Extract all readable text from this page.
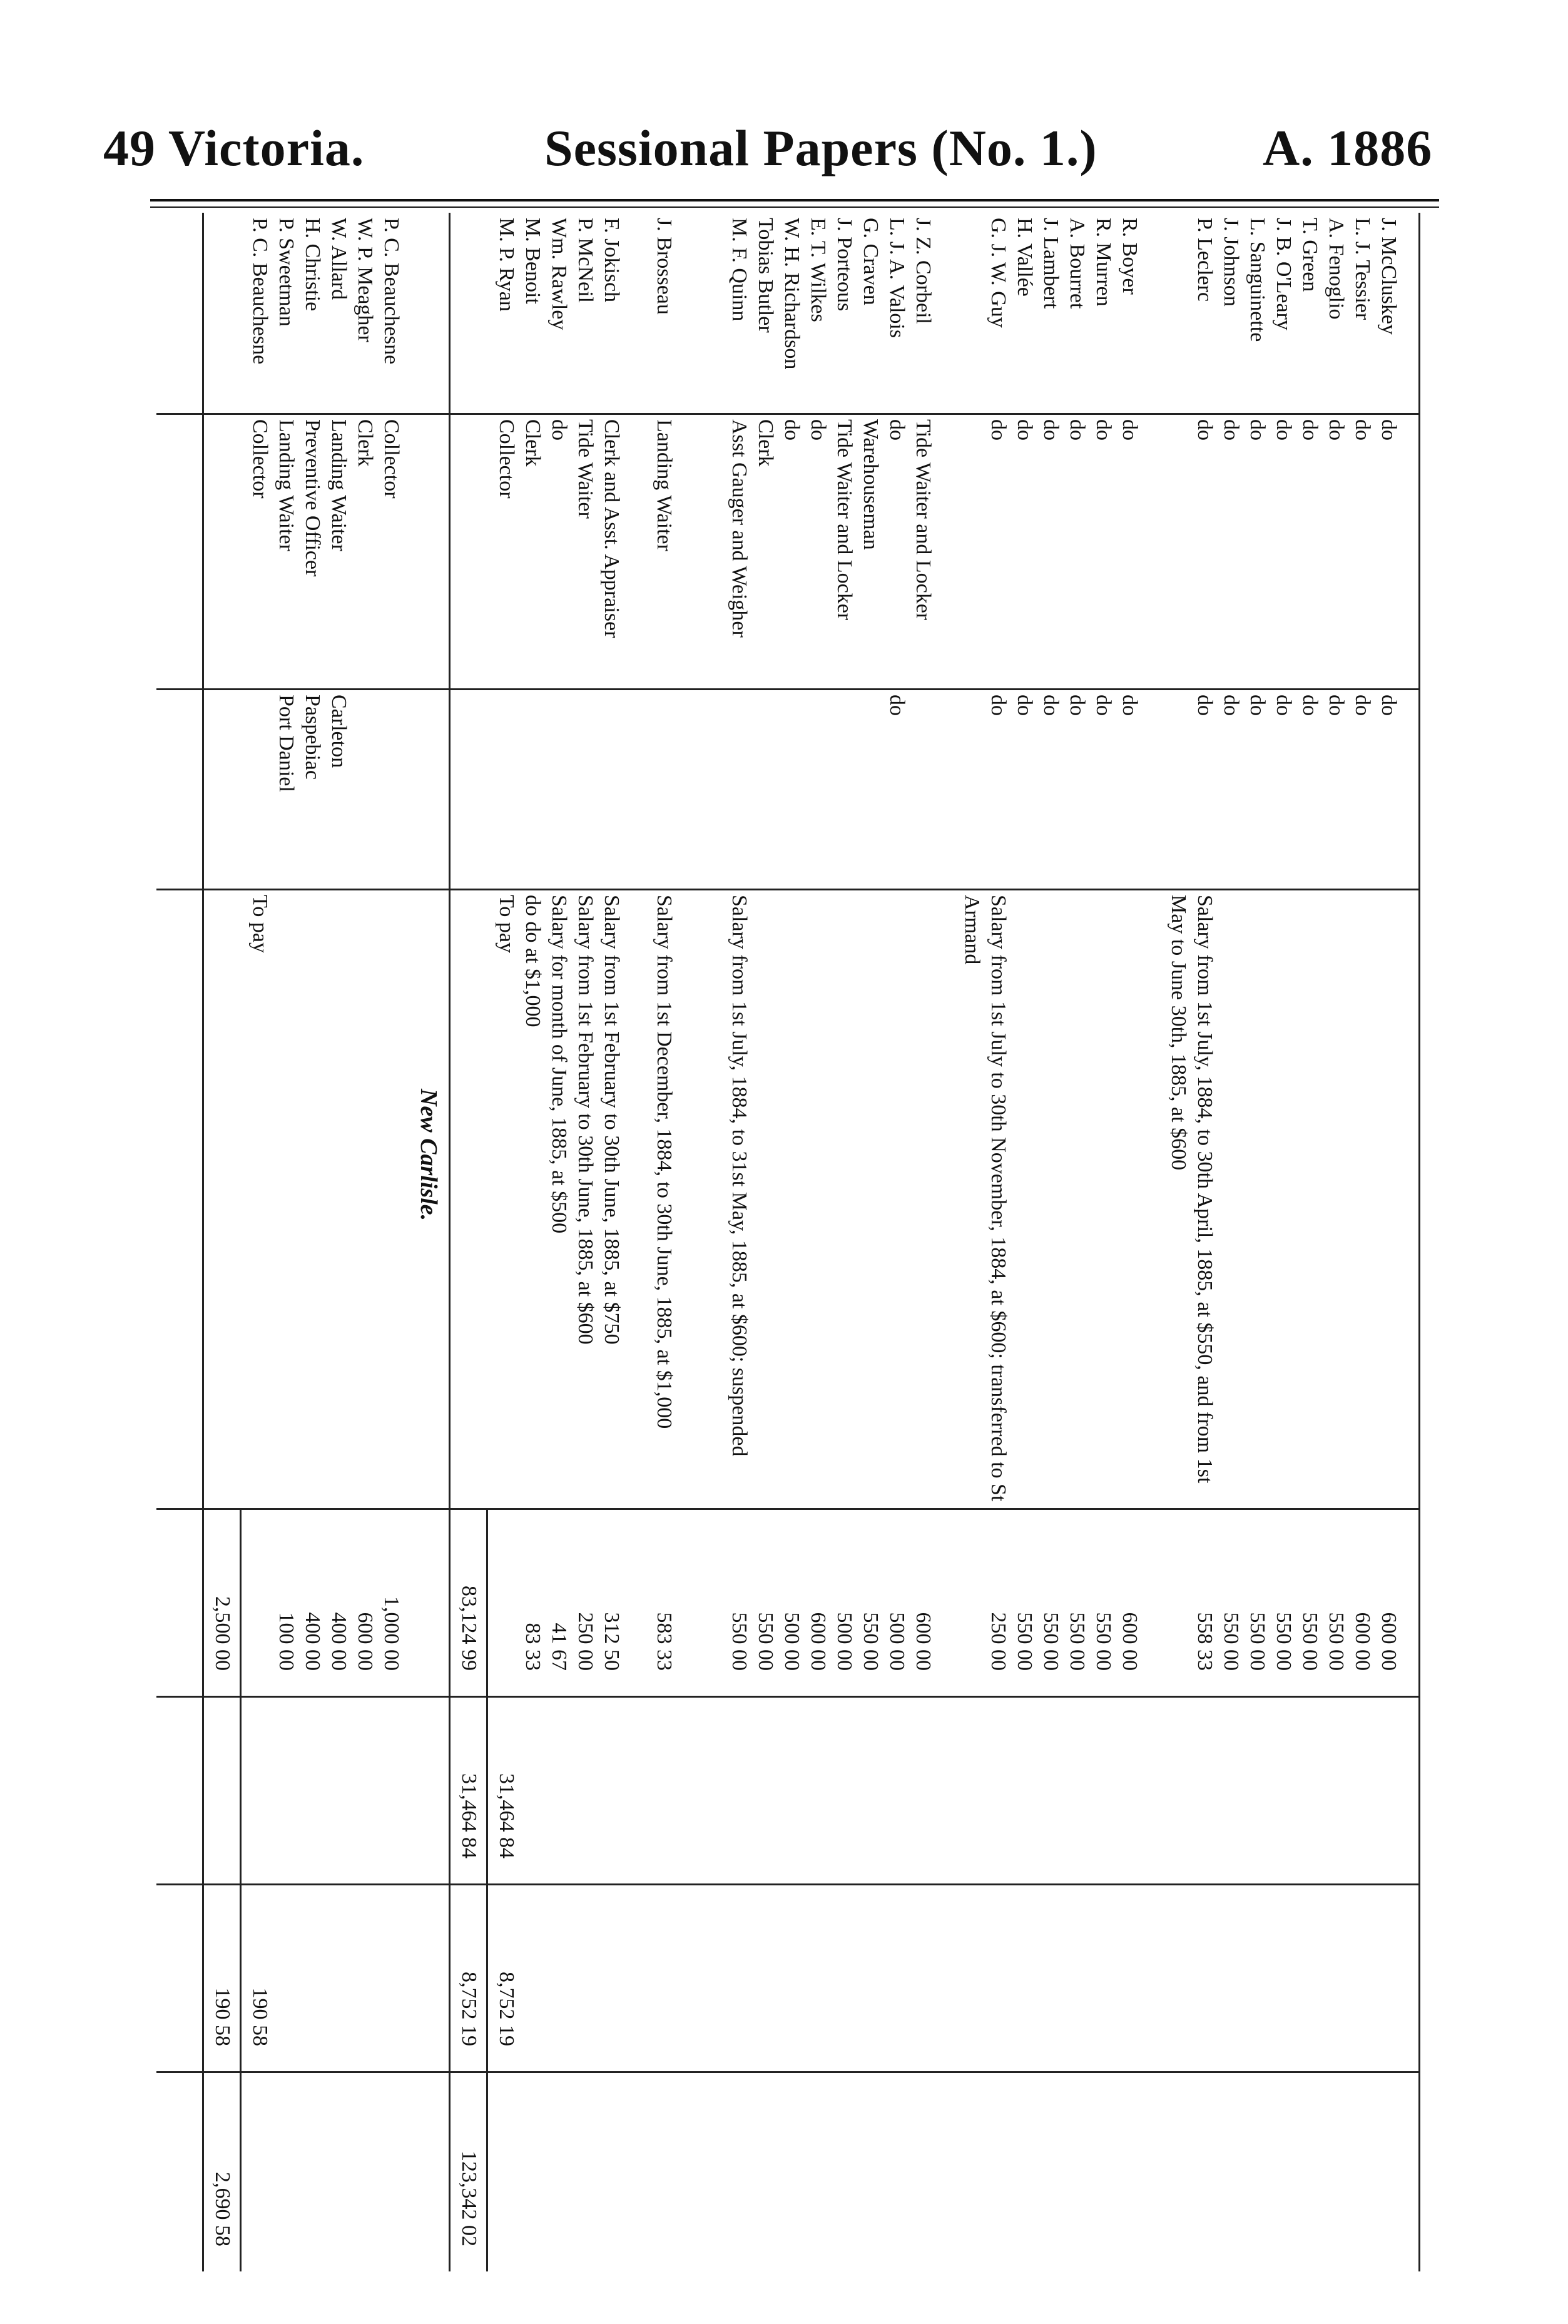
49 Victoria.	Sessional Papers (No. 1.)	A. 1886
J. McCluskey
do
do
600 00
L. J. Tessier
do
do
600 00
A. Fenoglio
do
do
550 00
T. Green
do
do
550 00
J. B. O'Leary
do
do
550 00
L. Sanguinette
do
do
550 00
J. Johnson
do
do
550 00
P. Leclerc
do
do
Salary from 1st July, 1884, to 30th April, 1885, at $550, and from 1st May to June 30th, 1885, at $600
558 33
R. Boyer
do
do
600 00
R. Murren
do
do
550 00
A. Bourret
do
do
550 00
J. Lambert
do
do
550 00
H. Vallée
do
do
550 00
G. J. W. Guy
do
do
Salary from 1st July to 30th November, 1884, at $600; transferred to St Armand
250 00
J. Z. Corbeil
Tide Waiter and Locker
600 00
L. J. A. Valois
do
do
500 00
G. Craven
Warehouseman
550 00
J. Porteous
Tide Waiter and Locker
500 00
E. T. Wilkes
do
600 00
W. H. Richardson
do
500 00
Tobias Butler
Clerk
550 00
M. F. Quinn
Asst Gauger and Weigher
Salary from 1st July, 1884, to 31st May, 1885, at $600; suspended
550 00
J. Brosseau
Landing Waiter
Salary from 1st December, 1884, to 30th June, 1885, at $1,000
583 33
F. Jokisch
Clerk and Asst. Appraiser
Salary from 1st February to 30th June, 1885, at $750
312 50
P. McNeil
Tide Waiter
Salary from 1st February to 30th June, 1885, at $600
250 00
Wm. Rawley
do
Salary for month of June, 1885, at $500
41 67
M. Benoit
Clerk
do do at $1,000
83 33
M. P. Ryan
Collector
To pay
31,464 84
8,752 19
83,124 99
31,464 84
8,752 19
123,342 02
New Carlisle.
P. C. Beauchesne
Collector
1,000 00
W. P. Meagher
Clerk
600 00
W. Allard
Landing Waiter
Carleton
400 00
H. Christie
Preventive Officer
Paspebiac
400 00
P. Sweetman
Landing Waiter
Port Daniel
100 00
P. C. Beauchesne
Collector
To pay
190 58
2,500 00
190 58
2,690 58
